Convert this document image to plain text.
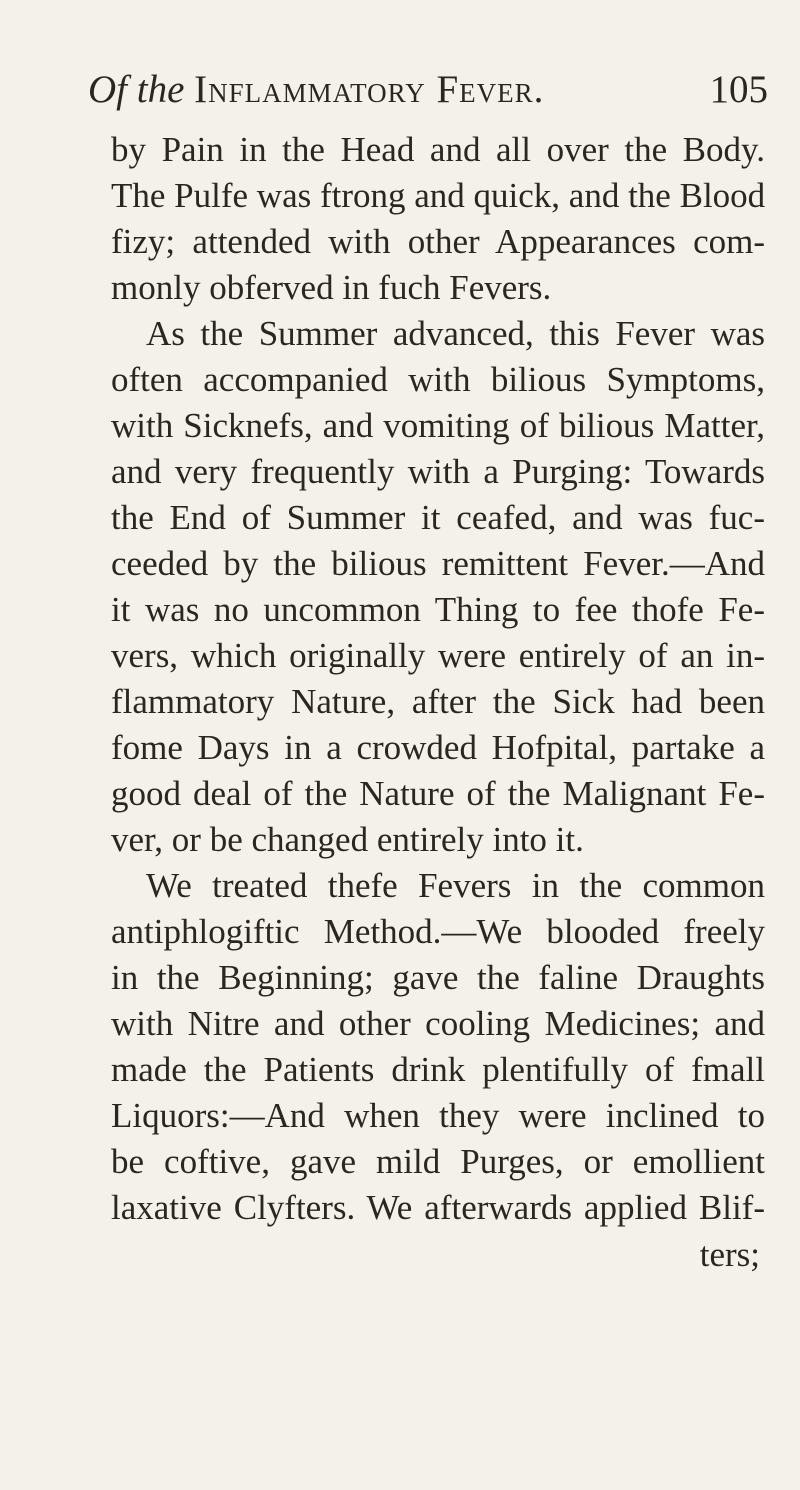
Of the Inflammatory Fever.	105
by Pain in the Head and all over the Body.
The Pulfe was ftrong and quick, and the Blood
fizy; attended with other Appearances com-
monly obferved in fuch Fevers.
As the Summer advanced, this Fever was
often accompanied with bilious Symptoms,
with Sicknefs, and vomiting of bilious Matter,
and very frequently with a Purging: Towards
the End of Summer it ceafed, and was fuc-
ceeded by the bilious remittent Fever.—And
it was no uncommon Thing to fee thofe Fe-
vers, which originally were entirely of an in-
flammatory Nature, after the Sick had been
fome Days in a crowded Hofpital, partake a
good deal of the Nature of the Malignant Fe-
ver, or be changed entirely into it.
We treated thefe Fevers in the common
antiphlogiftic Method.—We blooded freely
in the Beginning; gave the faline Draughts
with Nitre and other cooling Medicines; and
made the Patients drink plentifully of fmall
Liquors:—And when they were inclined to
be coftive, gave mild Purges, or emollient
laxative Clyfters. We afterwards applied Blif-
ters;
